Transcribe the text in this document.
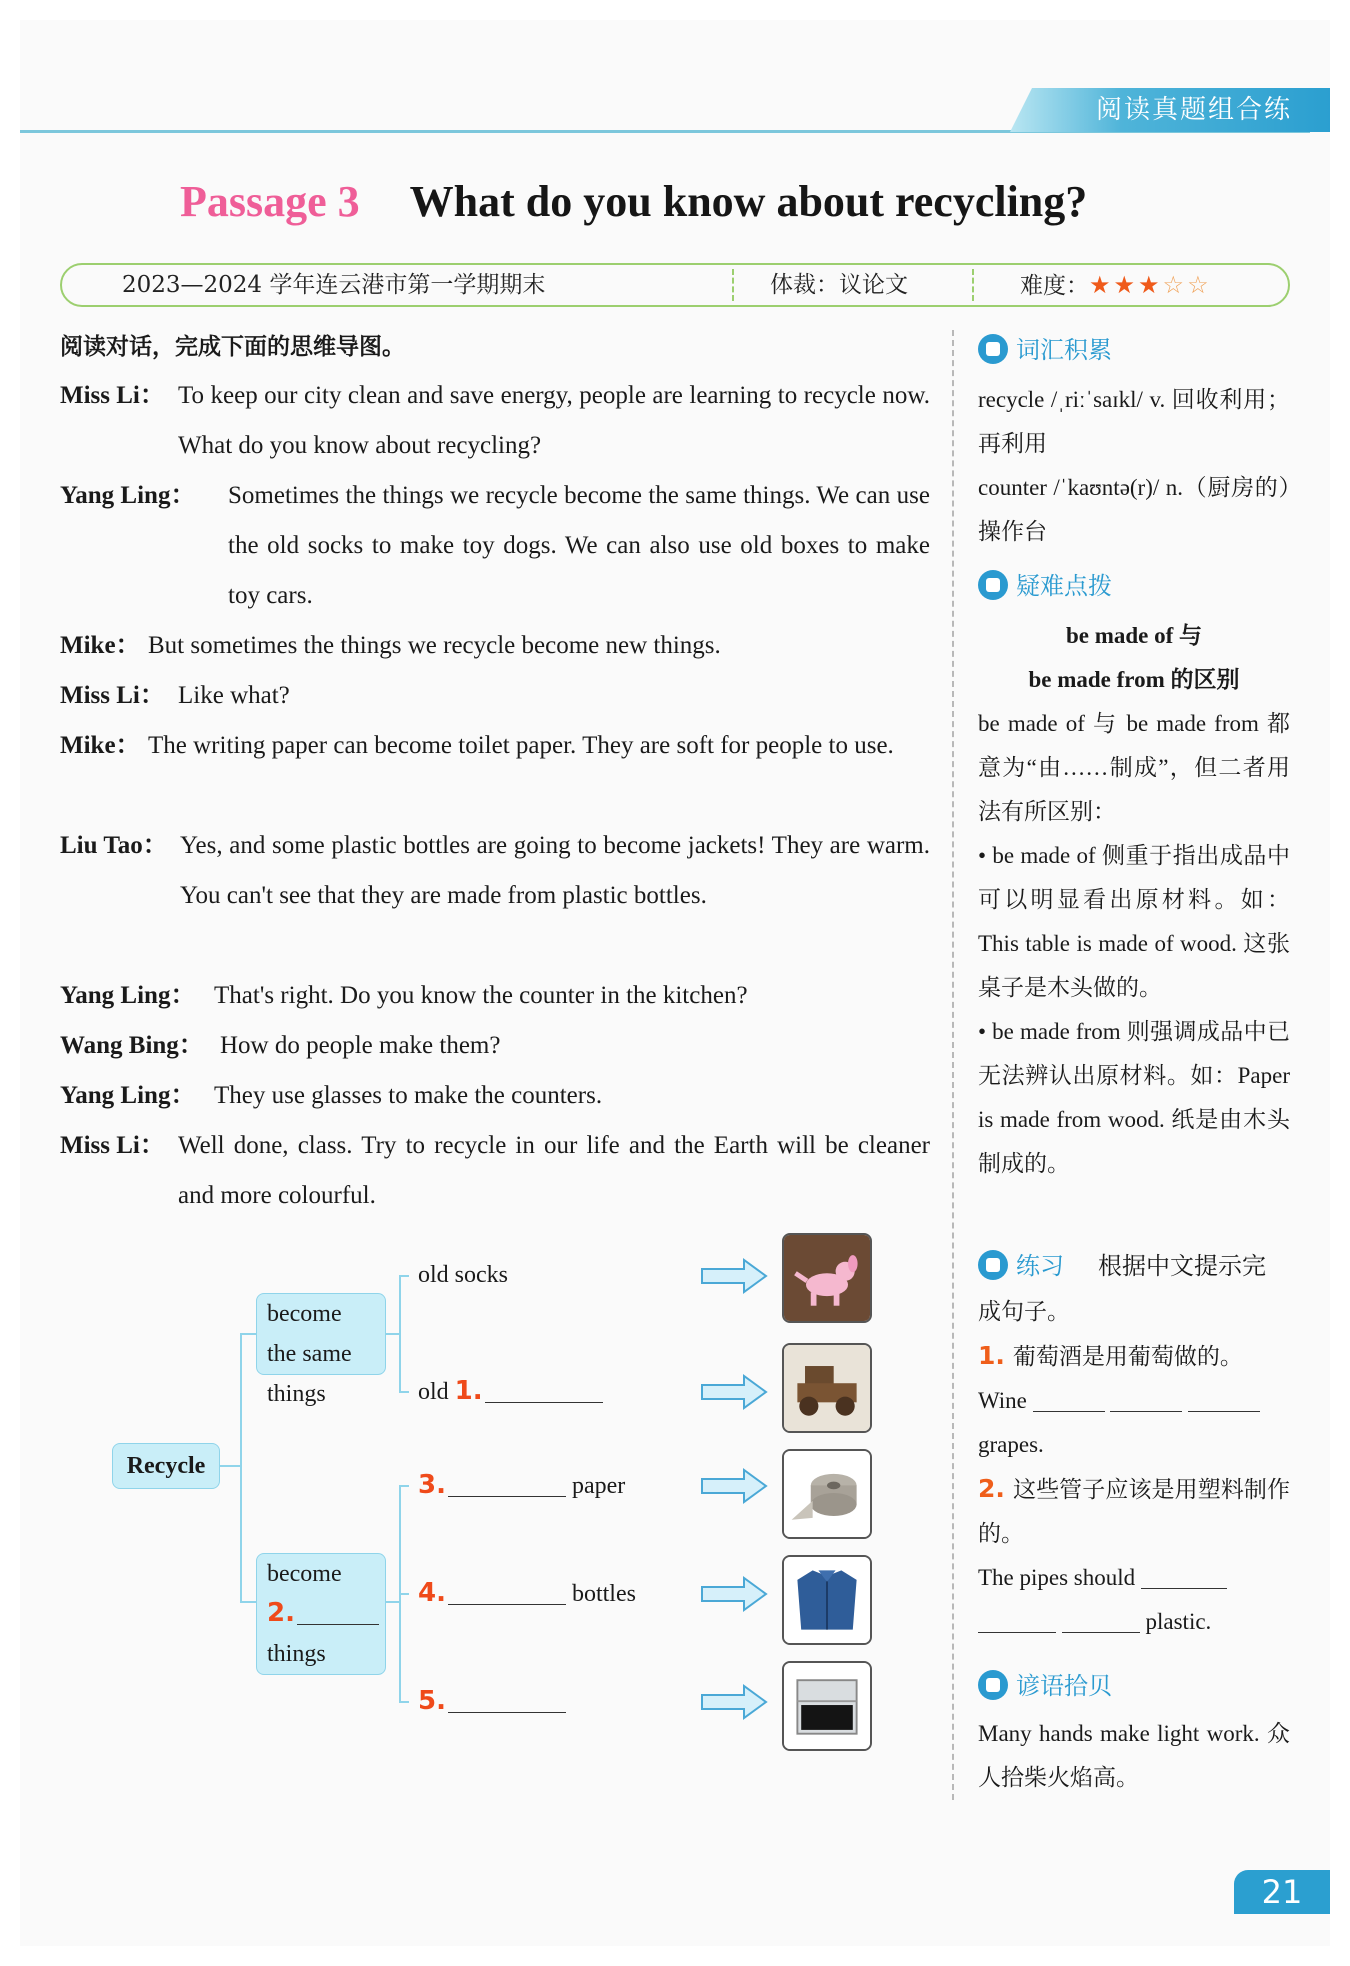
阅读真题组合练
Passage 3 What do you know about recycling?
2023—2024 学年连云港市第一学期期末	体裁：议论文	难度：★★★☆☆
阅读对话，完成下面的思维导图。
Miss Li： To keep our city clean and save energy, people are learning to recycle now. What do you know about recycling?
Yang Ling： Sometimes the things we recycle become the same things. We can use the old socks to make toy dogs. We can also use old boxes to make toy cars.
Mike： But sometimes the things we recycle become new things.
Miss Li： Like what?
Mike： The writing paper can become toilet paper. They are soft for people to use.
Liu Tao： Yes, and some plastic bottles are going to become jackets! They are warm. You can't see that they are made from plastic bottles.
Yang Ling： That's right. Do you know the counter in the kitchen?
Wang Bing： How do people make them?
Yang Ling： They use glasses to make the counters.
Miss Li： Well done, class. Try to recycle in our life and the Earth will be cleaner and more colourful.
Recycle
become the same things
become
2.
things
old socks
old 1.
3.	paper
4.	bottles
5.
词汇积累

recycle /ˌriːˈsaɪkl/ v. 回收利用；再利用

counter /ˈkaʊntə(r)/ n.（厨房的）操作台

疑难点拨

be made of 与

be made from 的区别

be made of 与 be made from 都意为“由……制成”，但二者用法有所区别：

• be made of 侧重于指出成品中可以明显看出原材料。如：This table is made of wood. 这张桌子是木头做的。

• be made from 则强调成品中已无法辨认出原材料。如：Paper is made from wood. 纸是由木头制成的。

练习 根据中文提示完

成句子。

1. 葡萄酒是用葡萄做的。

Wine

grapes.

2. 这些管子应该是用塑料制作的。

The pipes should

plastic.

谚语拾贝

Many hands make light work. 众人拾柴火焰高。

21
